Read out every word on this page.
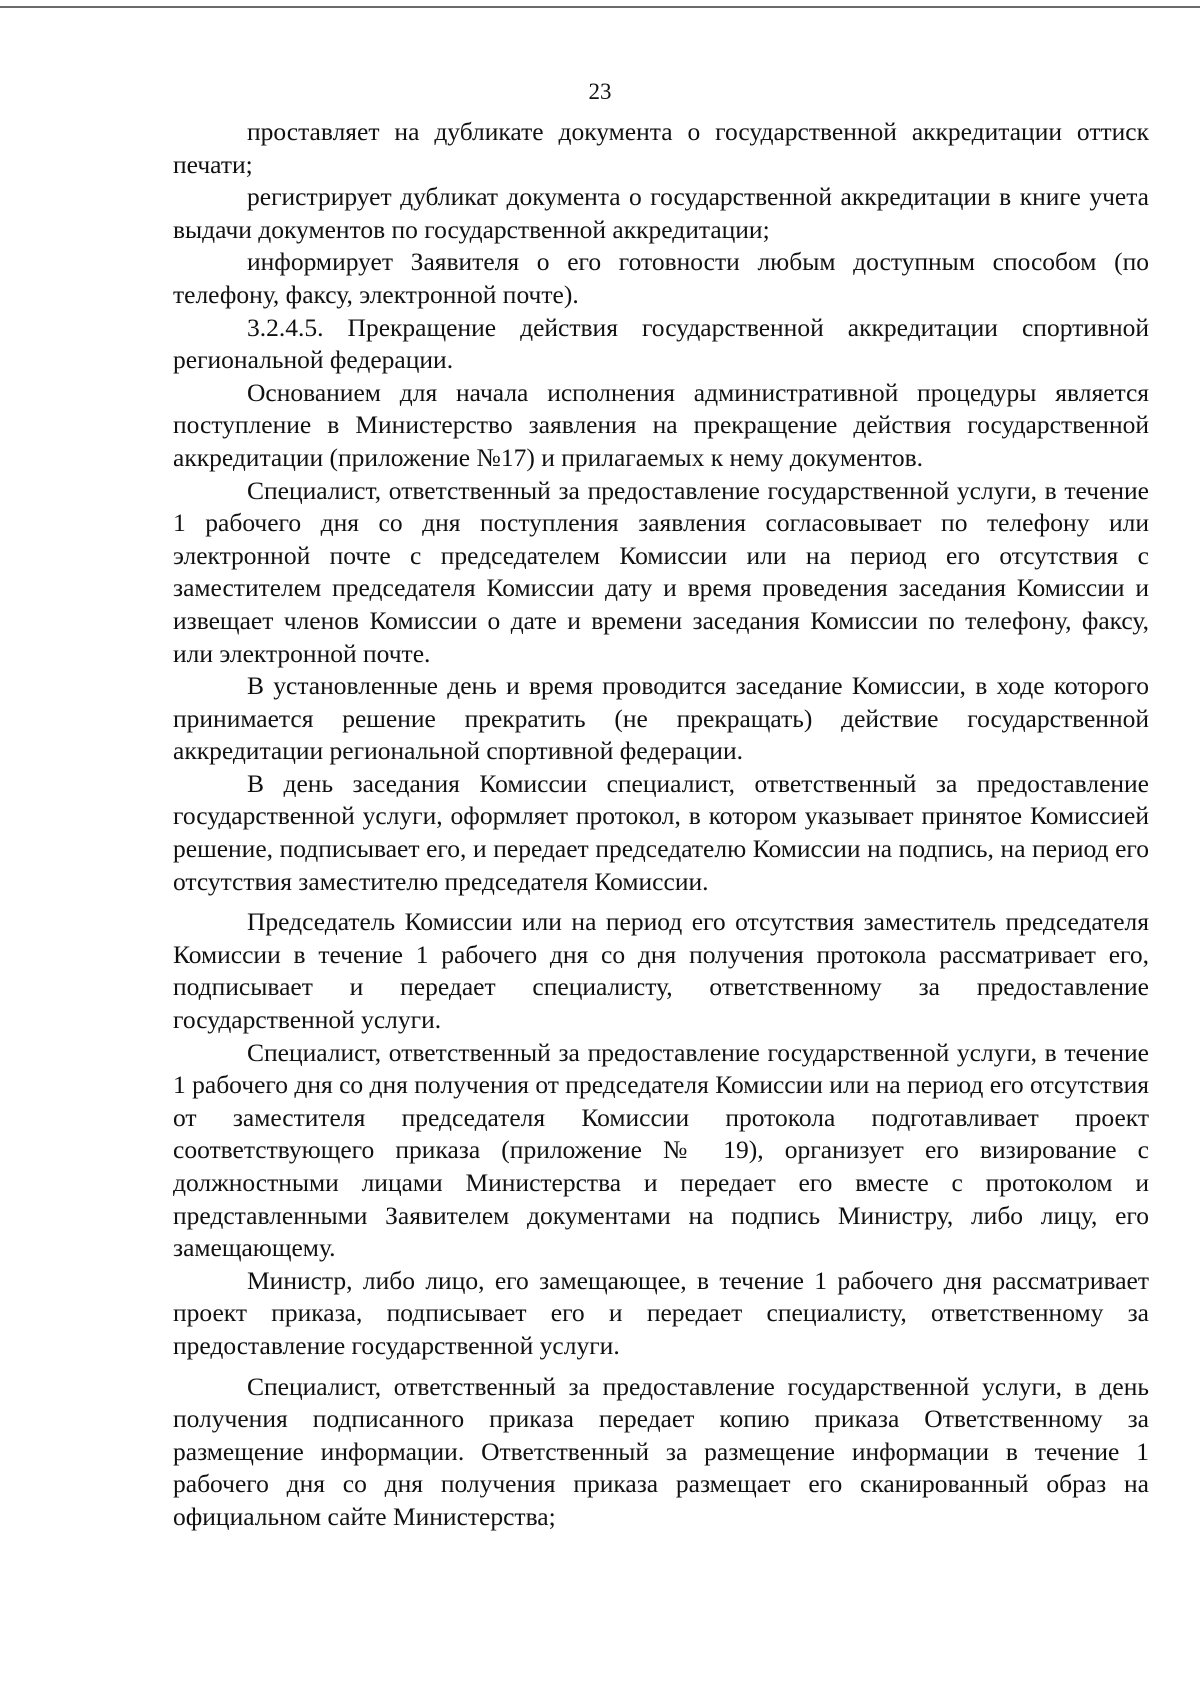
23

проставляет на дубликате документа о государственной аккредитации оттиск печати;

регистрирует дубликат документа о государственной аккредитации в книге учета выдачи документов по государственной аккредитации;

информирует Заявителя о его готовности любым доступным способом (по телефону, факсу, электронной почте).

3.2.4.5. Прекращение действия государственной аккредитации спортивной региональной федерации.

Основанием для начала исполнения административной процедуры является поступление в Министерство заявления на прекращение действия государственной аккредитации (приложение №17) и прилагаемых к нему документов.

Специалист, ответственный за предоставление государственной услуги, в течение 1 рабочего дня со дня поступления заявления согласовывает по телефону или электронной почте с председателем Комиссии или на период его отсутствия с заместителем председателя Комиссии дату и время проведения заседания Комиссии и извещает членов Комиссии о дате и времени заседания Комиссии по телефону, факсу, или электронной почте.

В установленные день и время проводится заседание Комиссии, в ходе которого принимается решение прекратить (не прекращать) действие государственной аккредитации региональной спортивной федерации.

В день заседания Комиссии специалист, ответственный за предоставление государственной услуги, оформляет протокол, в котором указывает принятое Комиссией решение, подписывает его, и передает председателю Комиссии на подпись, на период его отсутствия заместителю председателя Комиссии.

Председатель Комиссии или на период его отсутствия заместитель председателя Комиссии в течение 1 рабочего дня со дня получения протокола рассматривает его, подписывает и передает специалисту, ответственному за предоставление государственной услуги.

Специалист, ответственный за предоставление государственной услуги, в течение 1 рабочего дня со дня получения от председателя Комиссии или на период его отсутствия от заместителя председателя Комиссии протокола подготавливает проект соответствующего приказа (приложение № 19), организует его визирование с должностными лицами Министерства и передает его вместе с протоколом и представленными Заявителем документами на подпись Министру, либо лицу, его замещающему.

Министр, либо лицо, его замещающее, в течение 1 рабочего дня рассматривает проект приказа, подписывает его и передает специалисту, ответственному за предоставление государственной услуги.

Специалист, ответственный за предоставление государственной услуги, в день получения подписанного приказа передает копию приказа Ответственному за размещение информации. Ответственный за размещение информации в течение 1 рабочего дня со дня получения приказа размещает его сканированный образ на официальном сайте Министерства;
